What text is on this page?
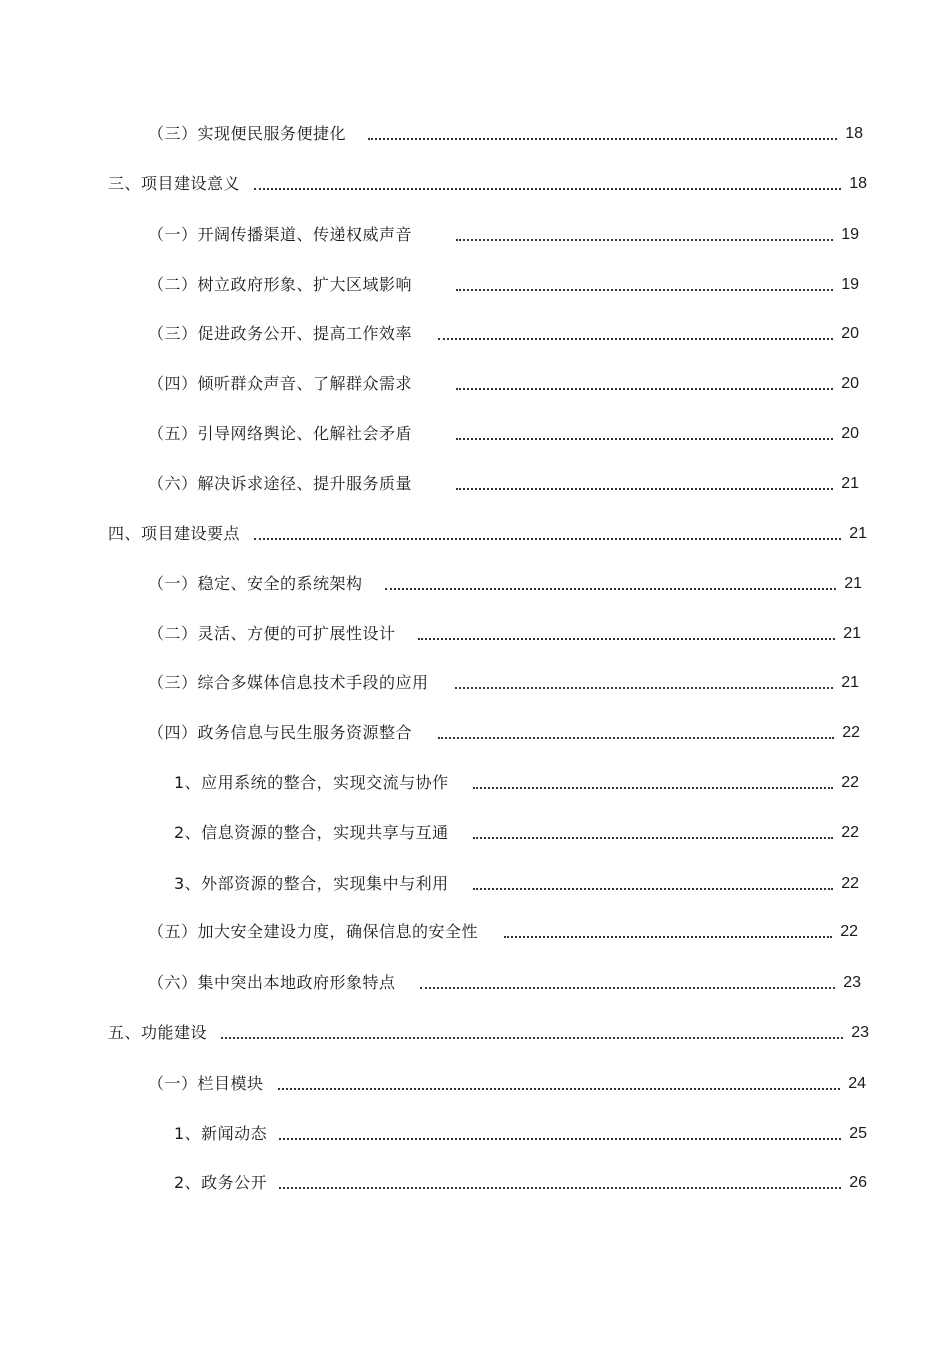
（三）实现便民服务便捷化	18
三、项目建设意义	18
（一）开阔传播渠道、传递权威声音	19
（二）树立政府形象、扩大区域影响	19
（三）促进政务公开、提高工作效率	20
（四）倾听群众声音、了解群众需求	20
（五）引导网络舆论、化解社会矛盾	20
（六）解决诉求途径、提升服务质量	21
四、项目建设要点	21
（一）稳定、安全的系统架构	21
（二）灵活、方便的可扩展性设计	21
（三）综合多媒体信息技术手段的应用	21
（四）政务信息与民生服务资源整合	22
1、应用系统的整合，实现交流与协作	22
2、信息资源的整合，实现共享与互通	22
3、外部资源的整合，实现集中与利用	22
（五）加大安全建设力度，确保信息的安全性	22
（六）集中突出本地政府形象特点	23
五、功能建设	23
（一）栏目模块	24
1、新闻动态	25
2、政务公开	26
